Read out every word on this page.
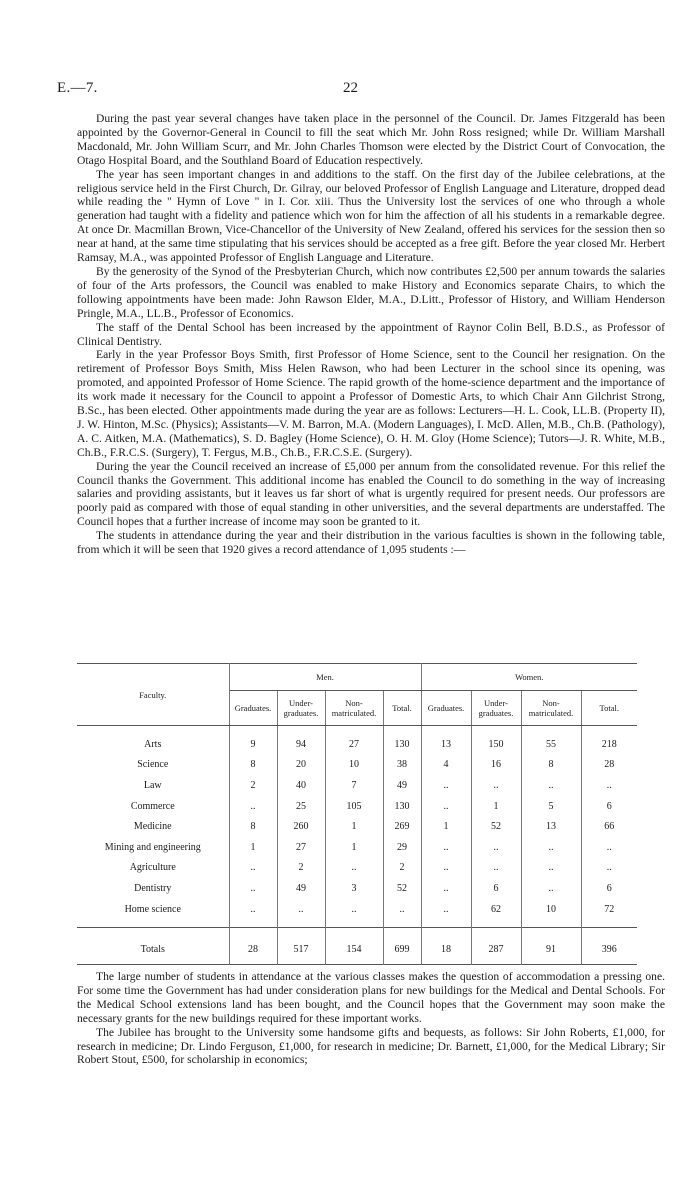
E.—7.	22

During the past year several changes have taken place in the personnel of the Council. Dr. James Fitzgerald has been appointed by the Governor-General in Council to fill the seat which Mr. John Ross resigned; while Dr. William Marshall Macdonald, Mr. John William Scurr, and Mr. John Charles Thomson were elected by the District Court of Convocation, the Otago Hospital Board, and the Southland Board of Education respectively.

The year has seen important changes in and additions to the staff. On the first day of the Jubilee celebrations, at the religious service held in the First Church, Dr. Gilray, our beloved Professor of English Language and Literature, dropped dead while reading the " Hymn of Love " in I. Cor. xiii. Thus the University lost the services of one who through a whole generation had taught with a fidelity and patience which won for him the affection of all his students in a remarkable degree. At once Dr. Macmillan Brown, Vice-Chancellor of the University of New Zealand, offered his services for the session then so near at hand, at the same time stipulating that his services should be accepted as a free gift. Before the year closed Mr. Herbert Ramsay, M.A., was appointed Professor of English Language and Literature.

By the generosity of the Synod of the Presbyterian Church, which now contributes £2,500 per annum towards the salaries of four of the Arts professors, the Council was enabled to make History and Economics separate Chairs, to which the following appointments have been made: John Rawson Elder, M.A., D.Litt., Professor of History, and William Henderson Pringle, M.A., LL.B., Professor of Economics.

The staff of the Dental School has been increased by the appointment of Raynor Colin Bell, B.D.S., as Professor of Clinical Dentistry.

Early in the year Professor Boys Smith, first Professor of Home Science, sent to the Council her resignation. On the retirement of Professor Boys Smith, Miss Helen Rawson, who had been Lecturer in the school since its opening, was promoted, and appointed Professor of Home Science. The rapid growth of the home-science department and the importance of its work made it necessary for the Council to appoint a Professor of Domestic Arts, to which Chair Ann Gilchrist Strong, B.Sc., has been elected. Other appointments made during the year are as follows: Lecturers—H. L. Cook, LL.B. (Property II), J. W. Hinton, M.Sc. (Physics); Assistants—V. M. Barron, M.A. (Modern Languages), I. McD. Allen, M.B., Ch.B. (Pathology), A. C. Aitken, M.A. (Mathematics), S. D. Bagley (Home Science), O. H. M. Gloy (Home Science); Tutors—J. R. White, M.B., Ch.B., F.R.C.S. (Surgery), T. Fergus, M.B., Ch.B., F.R.C.S.E. (Surgery).

During the year the Council received an increase of £5,000 per annum from the consolidated revenue. For this relief the Council thanks the Government. This additional income has enabled the Council to do something in the way of increasing salaries and providing assistants, but it leaves us far short of what is urgently required for present needs. Our professors are poorly paid as compared with those of equal standing in other universities, and the several departments are understaffed. The Council hopes that a further increase of income may soon be granted to it.

The students in attendance during the year and their distribution in the various faculties is shown in the following table, from which it will be seen that 1920 gives a record attendance of 1,095 students :—

Faculty.	Men.				Women.			
	Graduates.	Under-graduates.	Non-matriculated.	Total.	Graduates.	Under-graduates.	Non-matriculated.	Total.

Arts	9	94	27	130	13	150	55	218
Science	8	20	10	38	4	16	8	28
Law	2	40	7	49	..	..	..	..
Commerce	..	25	105	130	..	1	5	6
Medicine	8	260	1	269	1	52	13	66
Mining and engineering	1	27	1	29	..	..	..	..
Agriculture	..	2	..	2	..	..	..	..
Dentistry	..	49	3	52	..	6	..	6
Home science	..	..	..	..	..	62	10	72

Totals	28	517	154	699	18	287	91	396

The large number of students in attendance at the various classes makes the question of accommodation a pressing one. For some time the Government has had under consideration plans for new buildings for the Medical and Dental Schools. For the Medical School extensions land has been bought, and the Council hopes that the Government may soon make the necessary grants for the new buildings required for these important works.

The Jubilee has brought to the University some handsome gifts and bequests, as follows: Sir John Roberts, £1,000, for research in medicine; Dr. Lindo Ferguson, £1,000, for research in medicine; Dr. Barnett, £1,000, for the Medical Library; Sir Robert Stout, £500, for scholarship in economics;
